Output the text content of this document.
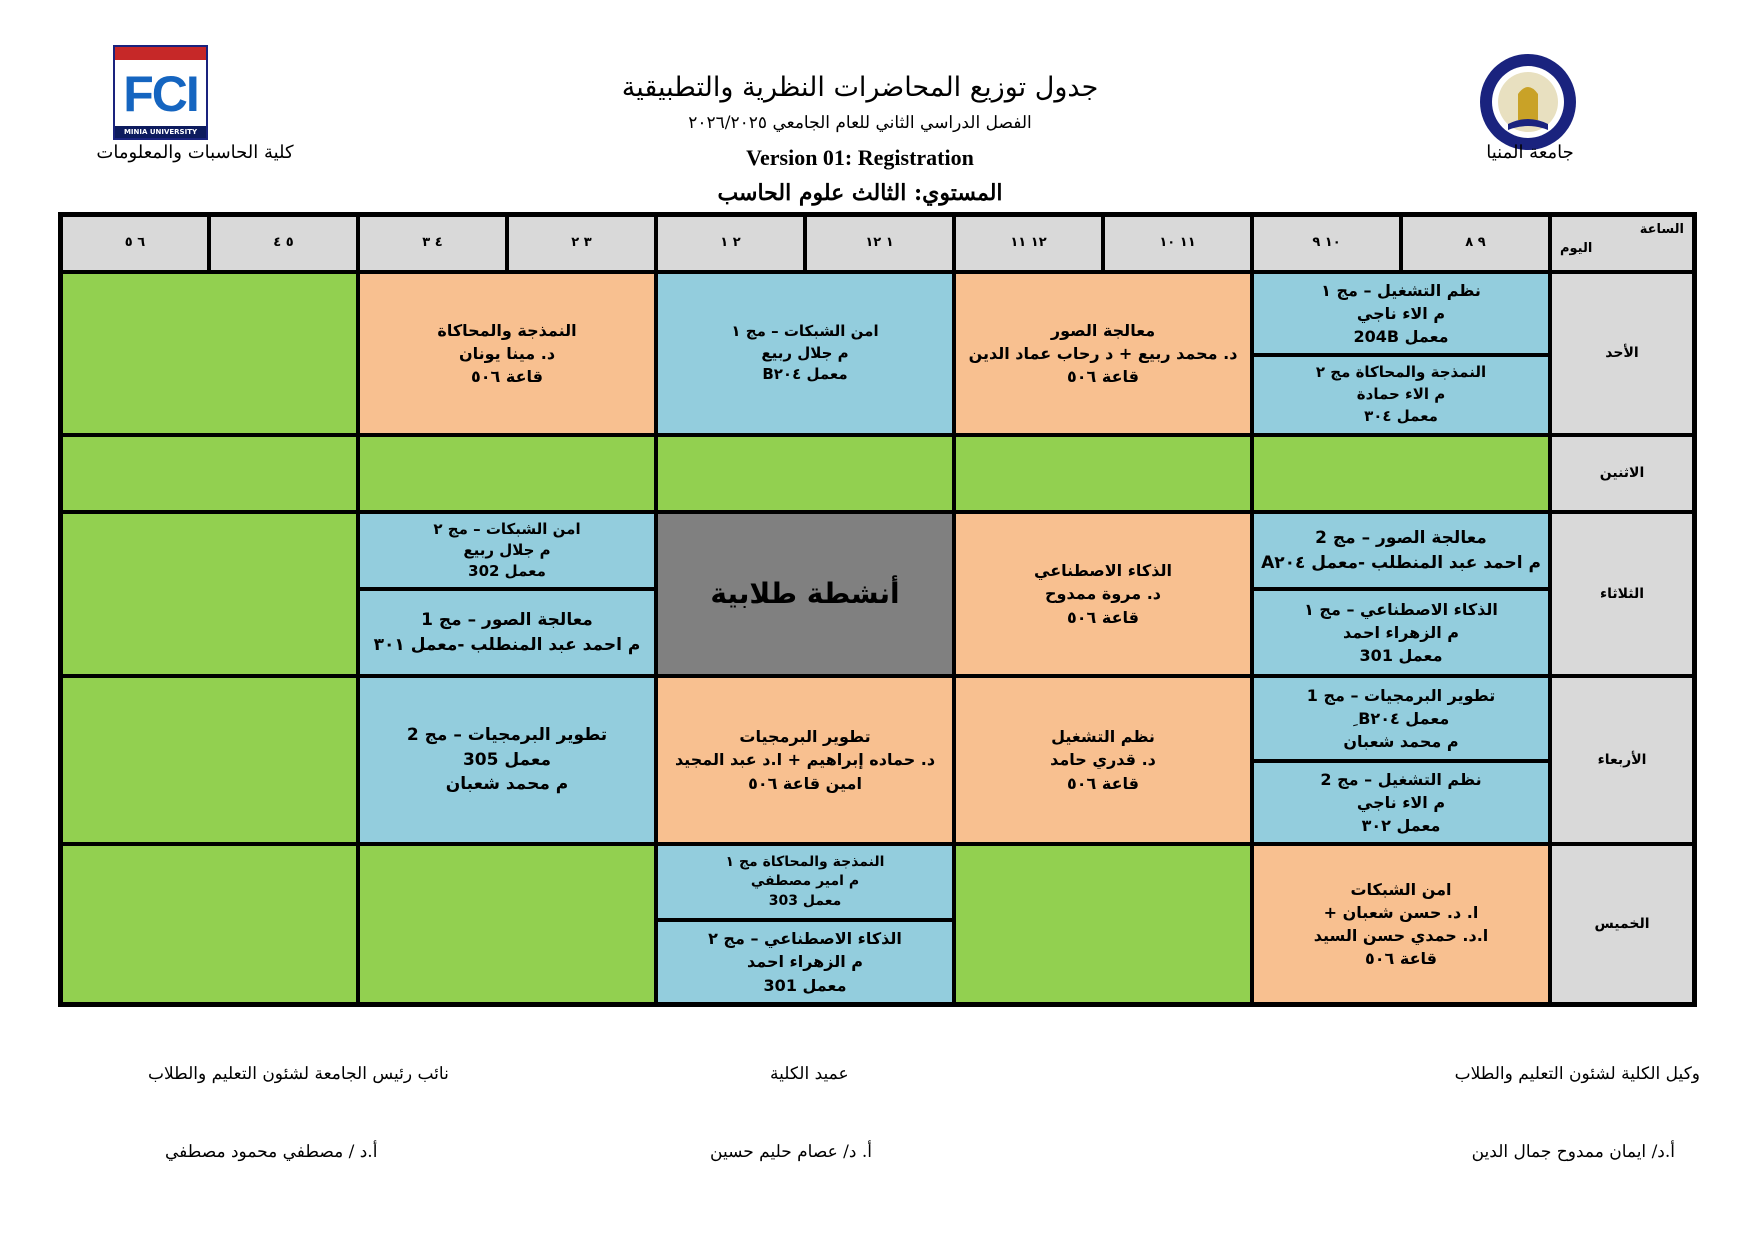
FCI
MINIA UNIVERSITY
كلية الحاسبات والمعلومات	جامعة المنيا
جدول توزيع المحاضرات النظرية والتطبيقية
الفصل الدراسي الثاني للعام الجامعي ٢٠٢٦/٢٠٢٥
Version 01: Registration
المستوي: الثالث علوم الحاسب
الساعة
اليوم
٩ ٨
١٠ ٩
١١ ١٠
١٢ ١١
١ ١٢
٢ ١
٣ ٢
٤ ٣
٥ ٤
٦ ٥
الأحد
الاثنين
الثلاثاء
الأربعاء
الخميس
نظم التشغيل – مج ١
م الاء ناجي
معمل 204B
النمذجة والمحاكاة مج ٢
م الاء حمادة
معمل ٣٠٤
معالجة الصور
د. محمد ربيع + د رحاب عماد الدين
قاعة ٥٠٦
امن الشبكات – مج ١
م جلال ربيع
معمل B٢٠٤
النمذجة والمحاكاة
د. مينا يونان
قاعة ٥٠٦
معالجة الصور – مج 2
م احمد عبد المنطلب -معمل A٢٠٤
الذكاء الاصطناعي – مج ١
م الزهراء احمد
معمل 301
الذكاء الاصطناعي
د. مروة ممدوح
قاعة ٥٠٦
أنشطة طلابية
امن الشبكات – مج ٢
م جلال ربيع
معمل 302
معالجة الصور – مج 1
م احمد عبد المنطلب -معمل ٣٠١
تطوير البرمجيات – مج 1
معمل B٢٠٤ ِ
م محمد شعبان
نظم التشغيل – مج 2
م الاء ناجي
معمل ٣٠٢
نظم التشغيل
د. قدري حامد
قاعة ٥٠٦
تطوير البرمجيات
د. حماده إبراهيم + ا.د عبد المجيد
امين قاعة ٥٠٦
تطوير البرمجيات – مج 2
معمل 305
م محمد شعبان
امن الشبكات
ا. د. حسن شعبان +
ا.د. حمدي حسن السيد
قاعة ٥٠٦
النمذجة والمحاكاة مج ١
م امير مصطفي
معمل 303
الذكاء الاصطناعي – مج ٢
م الزهراء احمد
معمل 301
وكيل الكلية لشئون التعليم والطلاب
أ.د/ ايمان ممدوح جمال الدين
عميد الكلية
أ. د/ عصام حليم حسين
نائب رئيس الجامعة لشئون التعليم والطلاب
أ.د / مصطفي محمود مصطفي
